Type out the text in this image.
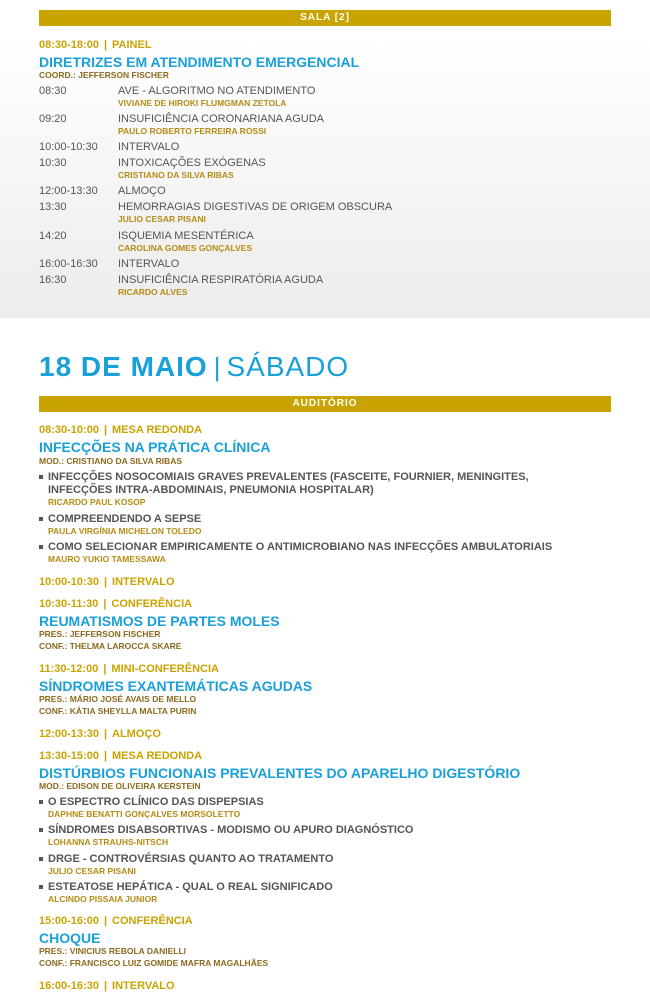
SALA [2]
08:30-18:00 | PAINEL
DIRETRIZES EM ATENDIMENTO EMERGENCIAL
COORD.: JEFFERSON FISCHER
08:30	AVE - ALGORITMO NO ATENDIMENTO
VIVIANE DE HIROKI FLUMGMAN ZETOLA
09:20	INSUFICIÊNCIA CORONARIANA AGUDA
PAULO ROBERTO FERREIRA ROSSI
10:00-10:30 INTERVALO
10:30	INTOXICAÇÕES EXÓGENAS
CRISTIANO DA SILVA RIBAS
12:00-13:30 ALMOÇO
13:30	HEMORRAGIAS DIGESTIVAS DE ORIGEM OBSCURA
JULIO CESAR PISANI
14:20	ISQUEMIA MESENTÉRICA
CAROLINA GOMES GONÇALVES
16:00-16:30 INTERVALO
16:30	INSUFICIÊNCIA RESPIRATÓRIA AGUDA
RICARDO ALVES
18 DE MAIO | SÁBADO
AUDITÓRIO
08:30-10:00 | MESA REDONDA
INFECÇÕES NA PRÁTICA CLÍNICA
MOD.: CRISTIANO DA SILVA RIBAS
INFECÇÕES NOSOCOMIAIS GRAVES PREVALENTES (FASCEITE, FOURNIER, MENINGITES,
INFECÇÕES INTRA-ABDOMINAIS, PNEUMONIA HOSPITALAR)
RICARDO PAUL KOSOP
COMPREENDENDO A SEPSE
PAULA VIRGÍNIA MICHELON TOLEDO
COMO SELECIONAR EMPIRICAMENTE O ANTIMICROBIANO NAS INFECÇÕES AMBULATORIAIS
MAURO YUKIO TAMESSAWA
10:00-10:30 | INTERVALO
10:30-11:30 | CONFERÊNCIA
REUMATISMOS DE PARTES MOLES
PRES.: JEFFERSON FISCHER
CONF.: THELMA LAROCCA SKARE
11:30-12:00 | MINI-CONFERÊNCIA
SÍNDROMES EXANTEMÁTICAS AGUDAS
PRES.: MÁRIO JOSÉ AVAIS DE MELLO
CONF.: KÁTIA SHEYLLA MALTA PURIN
12:00-13:30 | ALMOÇO
13:30-15:00 | MESA REDONDA
DISTÚRBIOS FUNCIONAIS PREVALENTES DO APARELHO DIGESTÓRIO
MOD.: EDISON DE OLIVEIRA KERSTEIN
O ESPECTRO CLÍNICO DAS DISPEPSIAS
DAPHNE BENATTI GONÇALVES MORSOLETTO
SÍNDROMES DISABSORTIVAS - MODISMO OU APURO DIAGNÓSTICO
LOHANNA STRAUHS-NITSCH
DRGE - CONTROVÉRSIAS QUANTO AO TRATAMENTO
JULIO CESAR PISANI
ESTEATOSE HEPÁTICA - QUAL O REAL SIGNIFICADO
ALCINDO PISSAIA JUNIOR
15:00-16:00 | CONFERÊNCIA
CHOQUE
PRES.: VINICIUS REBOLA DANIELLI
CONF.: FRANCISCO LUIZ GOMIDE MAFRA MAGALHÃES
16:00-16:30 | INTERVALO
